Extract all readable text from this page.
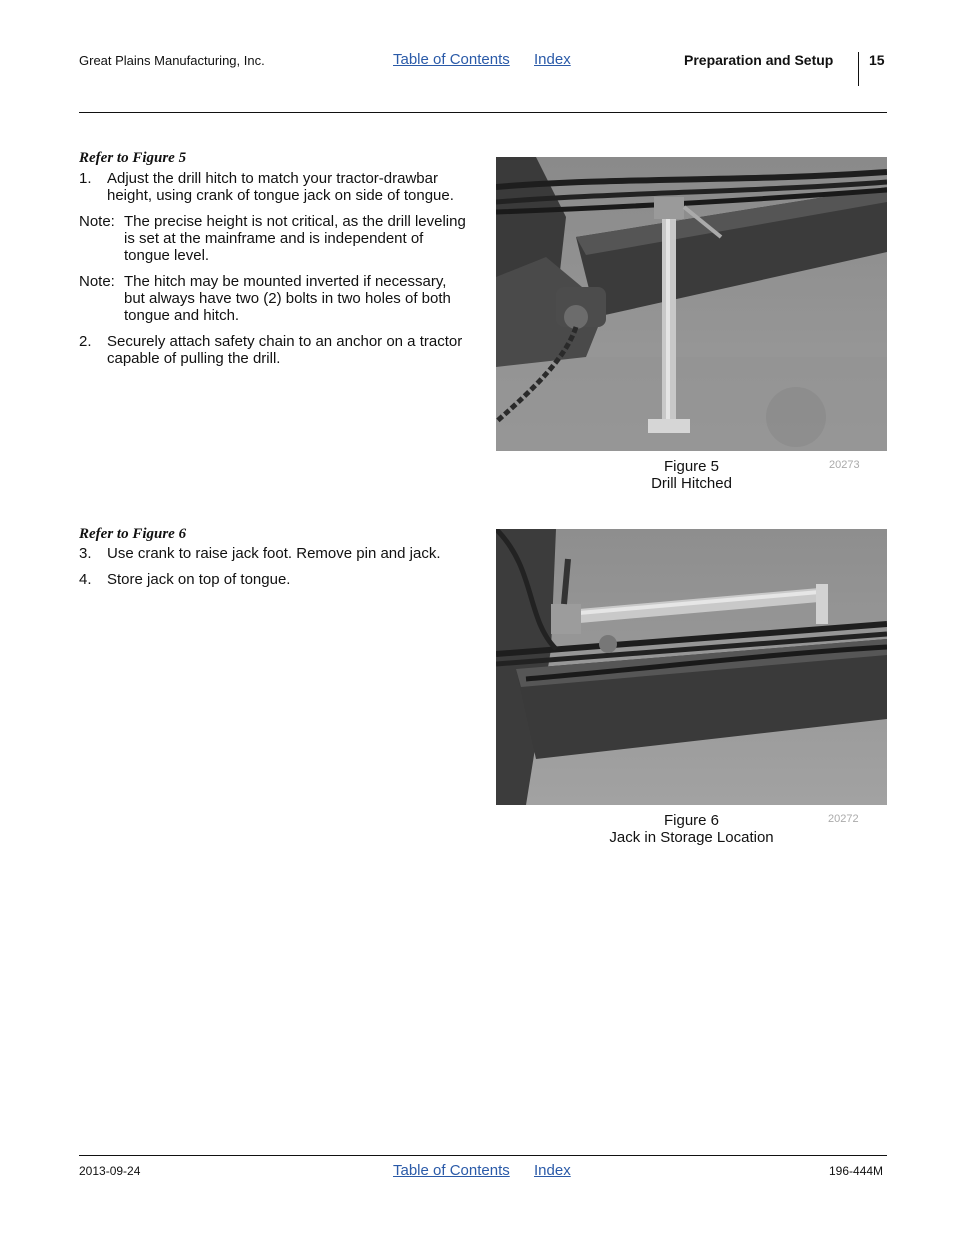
Great Plains Manufacturing, Inc.	Table of Contents Index	Preparation and Setup	15
Refer to Figure 5
1. Adjust the drill hitch to match your tractor-drawbar height, using crank of tongue jack on side of tongue.
Note: The precise height is not critical, as the drill leveling is set at the mainframe and is independent of tongue level.
Note: The hitch may be mounted inverted if necessary, but always have two (2) bolts in two holes of both tongue and hitch.
2. Securely attach safety chain to an anchor on a tractor capable of pulling the drill.
Figure 5
Drill Hitched
20273
Refer to Figure 6
3. Use crank to raise jack foot. Remove pin and jack.
4. Store jack on top of tongue.
Figure 6
Jack in Storage Location
20272
2013-09-24	Table of Contents Index	196-444M
